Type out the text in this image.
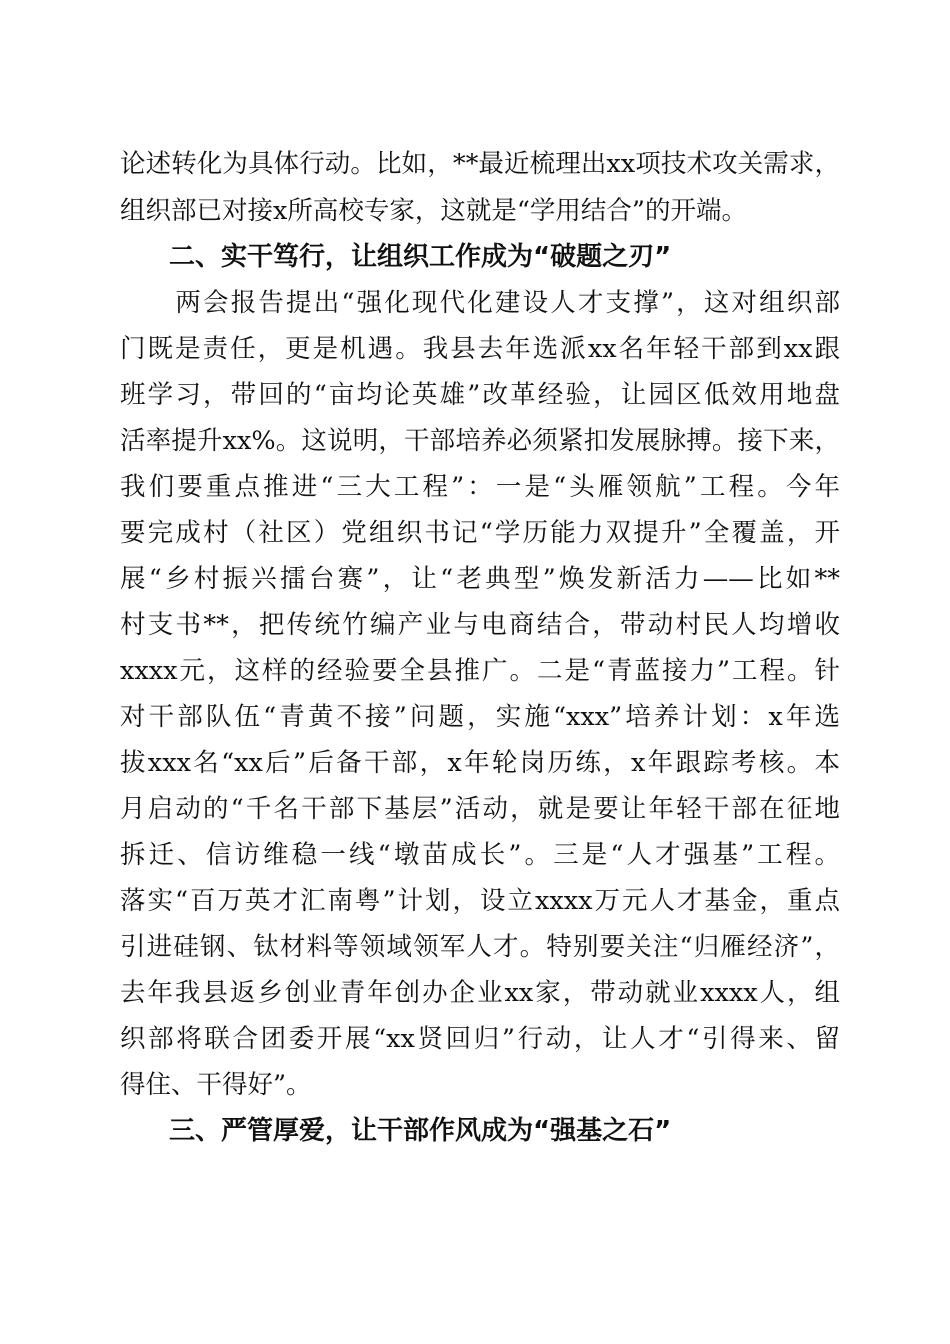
论述转化为具体行动。比如，**最近梳理出xx项技术攻关需求，
组织部已对接x所高校专家，这就是“学用结合”的开端。
二、实干笃行，让组织工作成为“破题之刃”
　　两会报告提出“强化现代化建设人才支撑”，这对组织部
门既是责任，更是机遇。我县去年选派xx名年轻干部到xx跟
班学习，带回的“亩均论英雄”改革经验，让园区低效用地盘
活率提升xx%。这说明，干部培养必须紧扣发展脉搏。接下来，
我们要重点推进“三大工程”：一是“头雁领航”工程。今年
要完成村（社区）党组织书记“学历能力双提升”全覆盖，开
展“乡村振兴擂台赛”，让“老典型”焕发新活力——比如**
村支书**，把传统竹编产业与电商结合，带动村民人均增收
xxxx元，这样的经验要全县推广。二是“青蓝接力”工程。针
对干部队伍“青黄不接”问题，实施“xxx”培养计划：x年选
拔xxx名“xx后”后备干部，x年轮岗历练，x年跟踪考核。本
月启动的“千名干部下基层”活动，就是要让年轻干部在征地
拆迁、信访维稳一线“墩苗成长”。三是“人才强基”工程。
落实“百万英才汇南粤”计划，设立xxxx万元人才基金，重点
引进硅钢、钛材料等领域领军人才。特别要关注“归雁经济”，
去年我县返乡创业青年创办企业xx家，带动就业xxxx人，组
织部将联合团委开展“xx贤回归”行动，让人才“引得来、留
得住、干得好”。
三、严管厚爱，让干部作风成为“强基之石”
